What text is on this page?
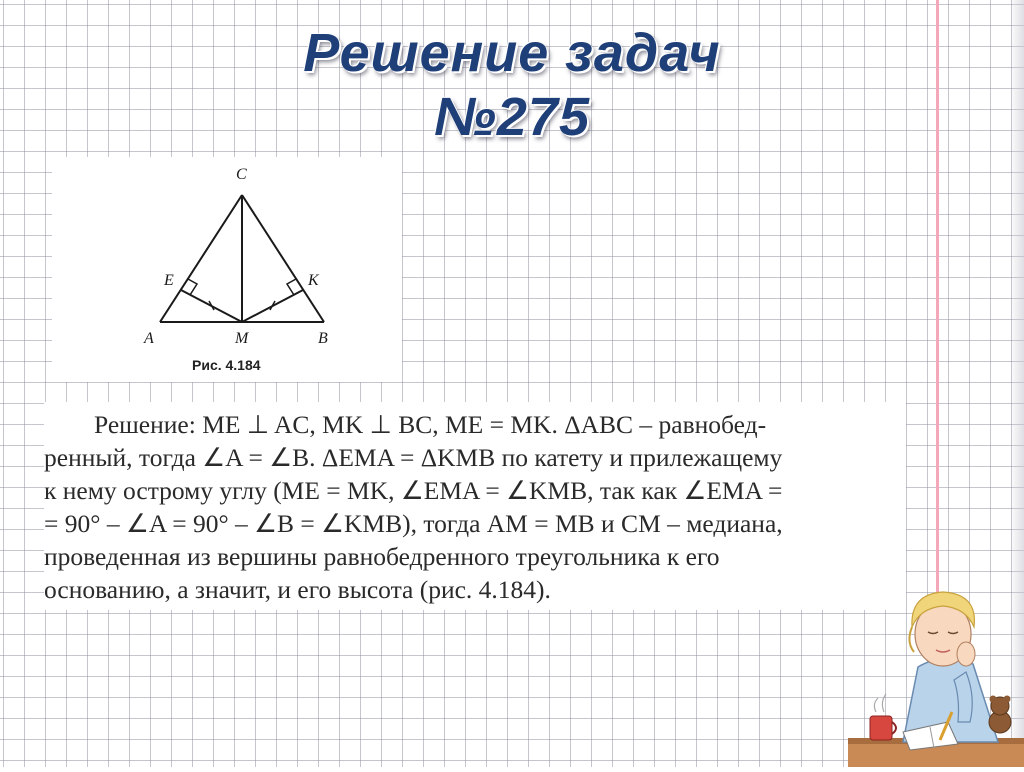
Решение задач
№275
C
E	K
A	M	B
Рис. 4.184
Решение: ME ⊥ AC, MK ⊥ BC, ME = MK. ΔABC – равнобед-
ренный, тогда ∠A = ∠B. ΔEMA = ΔKMB по катету и прилежащему
к нему острому углу (ME = MK, ∠EMA = ∠KMB, так как ∠EMA =
= 90° – ∠A = 90° – ∠B = ∠KMB), тогда AM = MB и CM – медиана,
проведенная из вершины равнобедренного треугольника к его
основанию, а значит, и его высота (рис. 4.184).
